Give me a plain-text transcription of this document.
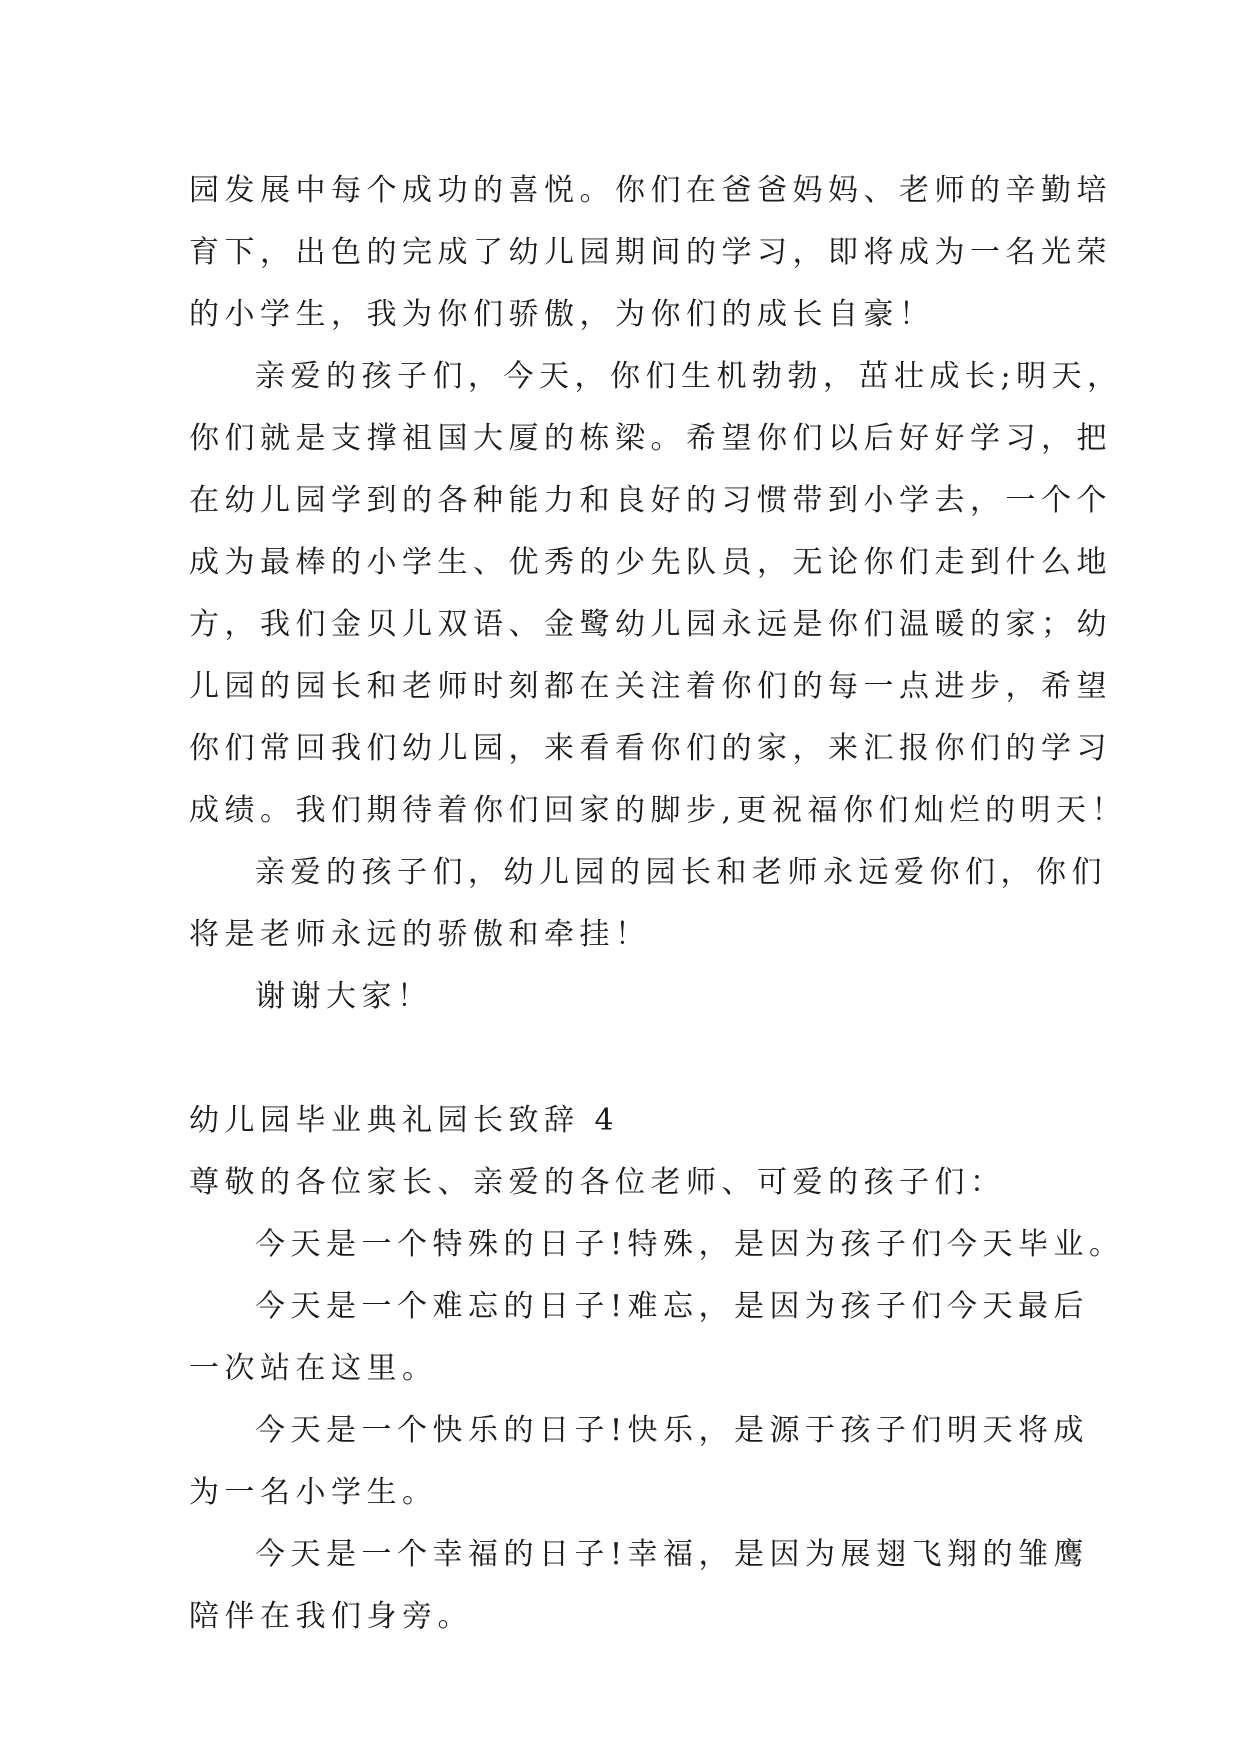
园发展中每个成功的喜悦。你们在爸爸妈妈、老师的辛勤培
育下，出色的完成了幼儿园期间的学习，即将成为一名光荣
的小学生，我为你们骄傲，为你们的成长自豪！
亲爱的孩子们，今天，你们生机勃勃，茁壮成长;明天，
你们就是支撑祖国大厦的栋梁。希望你们以后好好学习，把
在幼儿园学到的各种能力和良好的习惯带到小学去，一个个
成为最棒的小学生、优秀的少先队员，无论你们走到什么地
方，我们金贝儿双语、金鹭幼儿园永远是你们温暖的家；幼
儿园的园长和老师时刻都在关注着你们的每一点进步，希望
你们常回我们幼儿园，来看看你们的家，来汇报你们的学习
成绩。我们期待着你们回家的脚步,更祝福你们灿烂的明天！
亲爱的孩子们，幼儿园的园长和老师永远爱你们，你们
将是老师永远的骄傲和牵挂！
谢谢大家！
幼儿园毕业典礼园长致辞 4
尊敬的各位家长、亲爱的各位老师、可爱的孩子们：
今天是一个特殊的日子!特殊，是因为孩子们今天毕业。
今天是一个难忘的日子!难忘，是因为孩子们今天最后
一次站在这里。
今天是一个快乐的日子!快乐，是源于孩子们明天将成
为一名小学生。
今天是一个幸福的日子!幸福，是因为展翅飞翔的雏鹰
陪伴在我们身旁。
